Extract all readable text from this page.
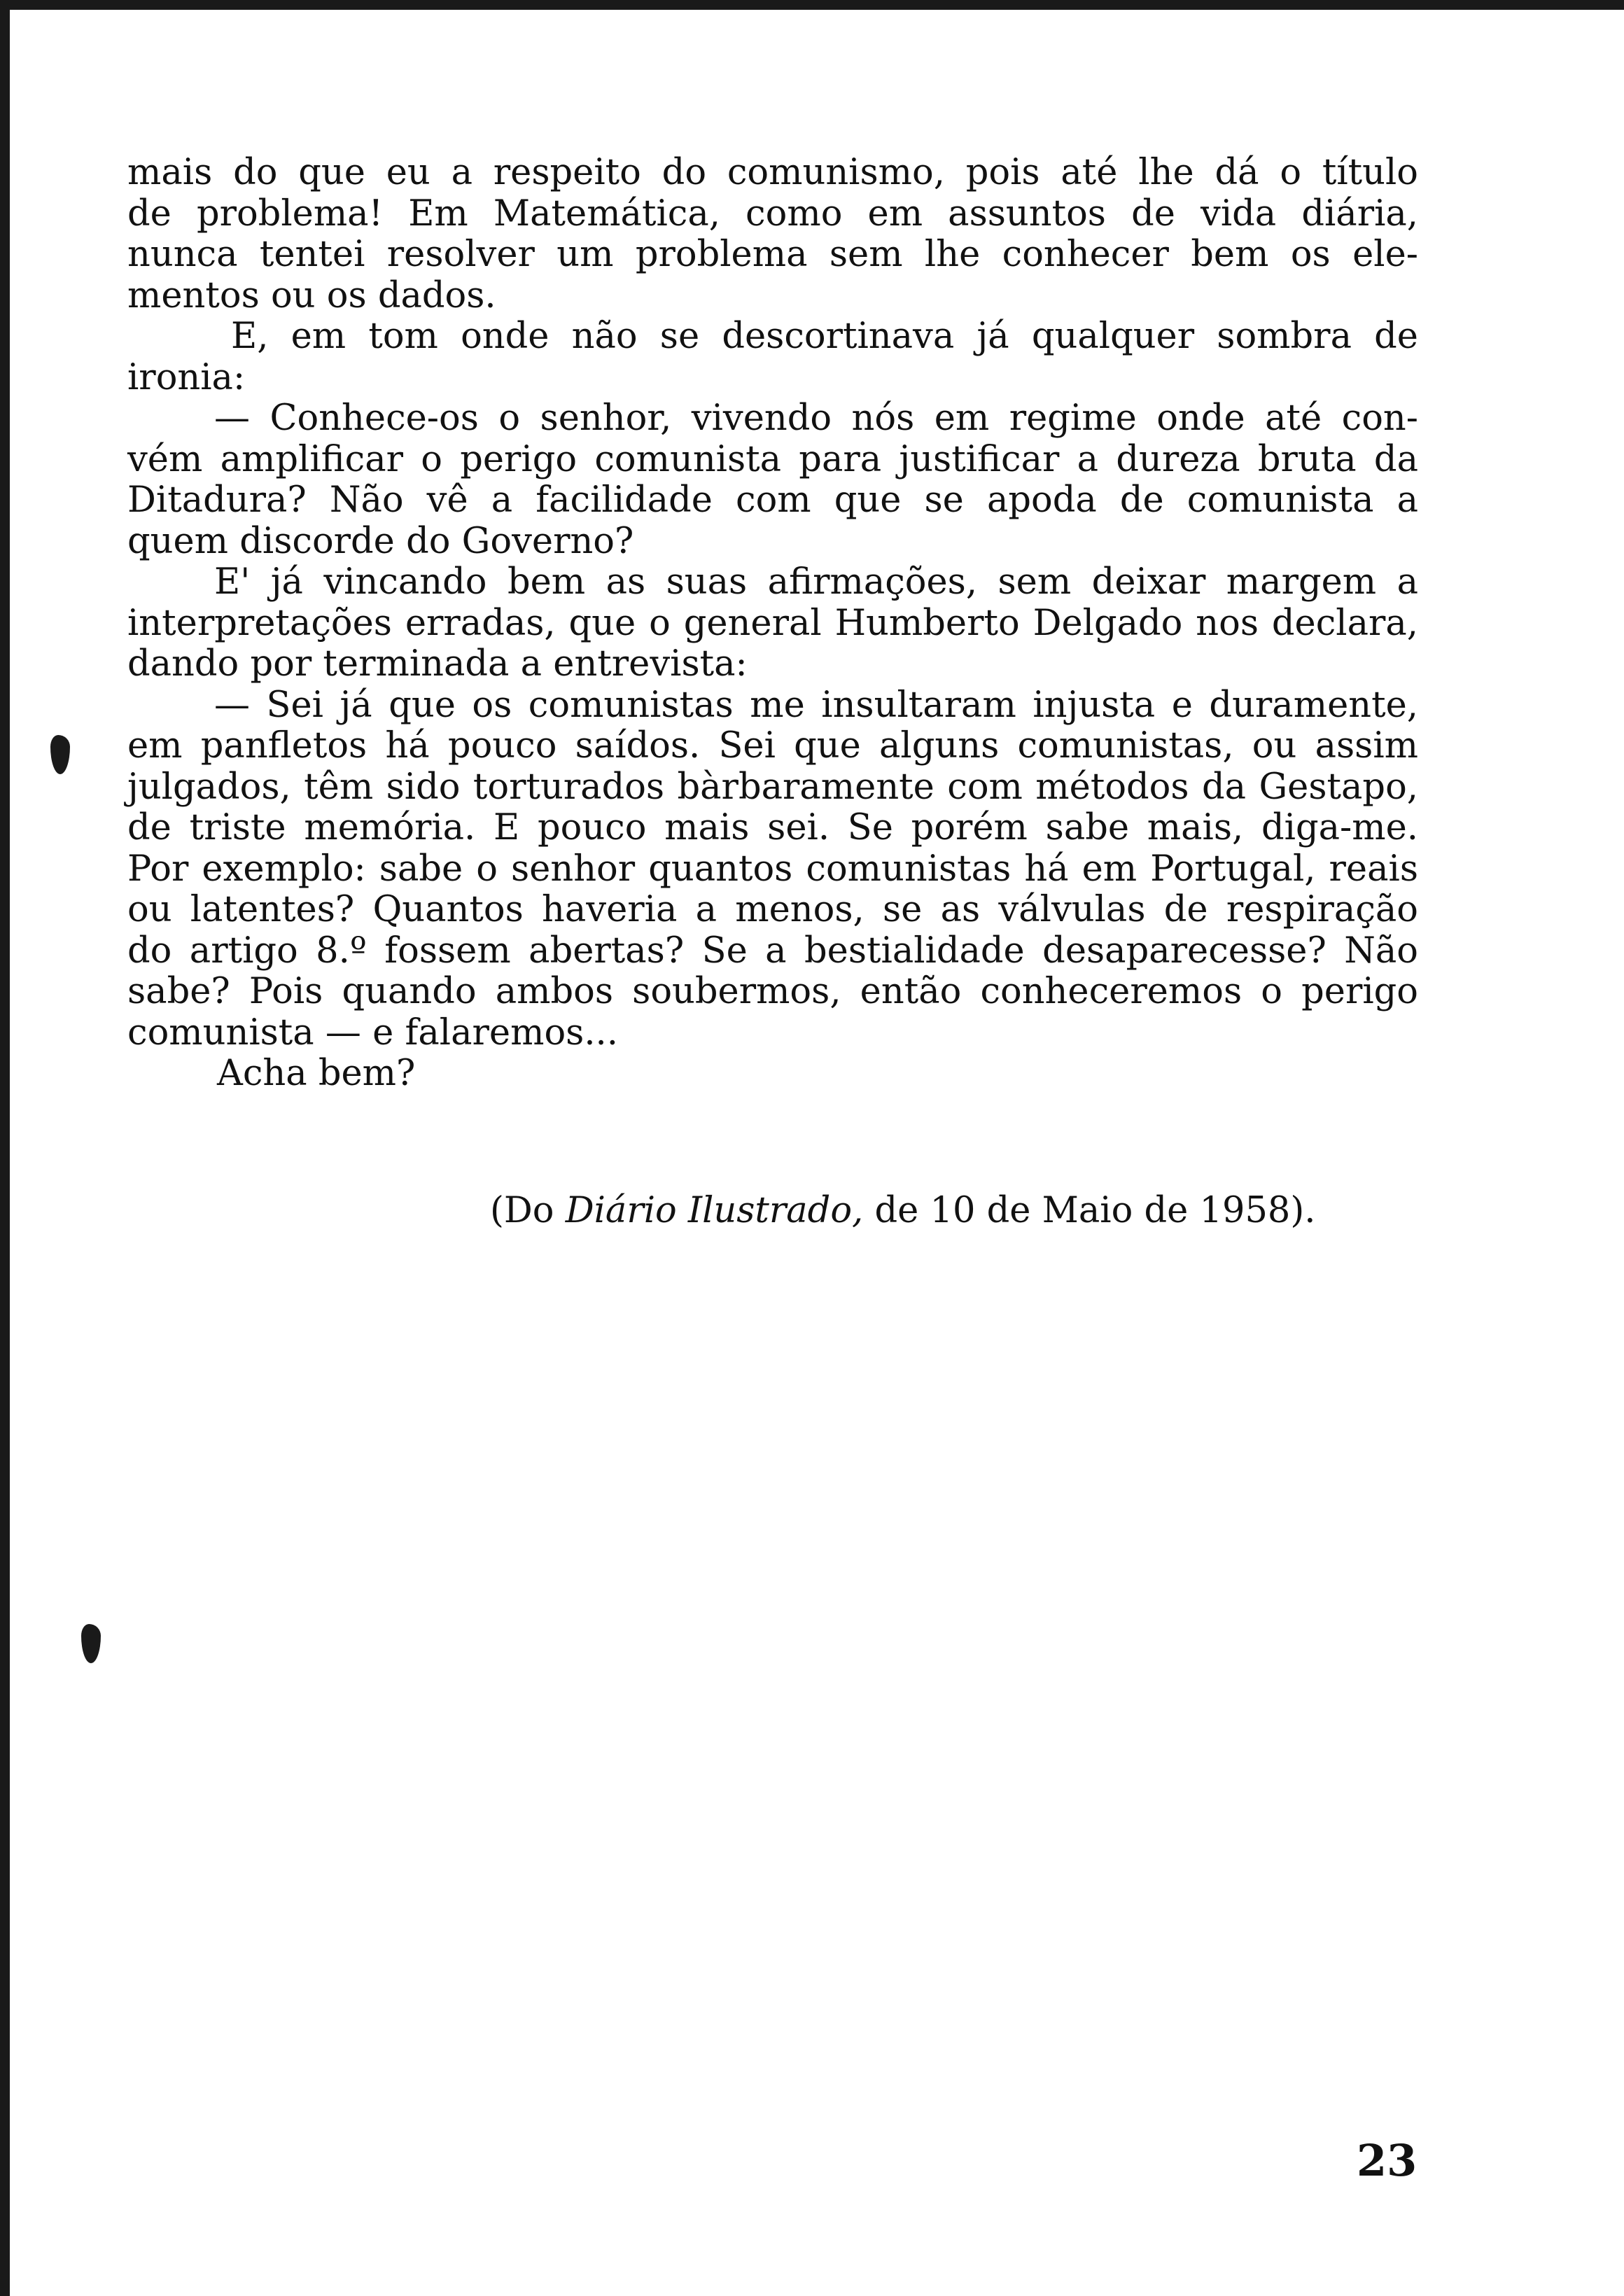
mais do que eu a respeito do comunismo, pois até lhe dá o título
de problema! Em Matemática, como em assuntos de vida diária,
nunca tentei resolver um problema sem lhe conhecer bem os ele-
mentos ou os dados.
E, em tom onde não se descortinava já qualquer sombra de
ironia:
— Conhece-os o senhor, vivendo nós em regime onde até con-
vém amplificar o perigo comunista para justificar a dureza bruta da
Ditadura? Não vê a facilidade com que se apoda de comunista a
quem discorde do Governo?
E' já vincando bem as suas afirmações, sem deixar margem a
interpretações erradas, que o general Humberto Delgado nos declara,
dando por terminada a entrevista:
— Sei já que os comunistas me insultaram injusta e duramente,
em panfletos há pouco saídos. Sei que alguns comunistas, ou assim
julgados, têm sido torturados bàrbaramente com métodos da Gestapo,
de triste memória. E pouco mais sei. Se porém sabe mais, diga-me.
Por exemplo: sabe o senhor quantos comunistas há em Portugal, reais
ou latentes? Quantos haveria a menos, se as válvulas de respiração
do artigo 8.º fossem abertas? Se a bestialidade desaparecesse? Não
sabe? Pois quando ambos soubermos, então conheceremos o perigo
comunista — e falaremos...
Acha bem?
(Do Diário Ilustrado, de 10 de Maio de 1958).
23
